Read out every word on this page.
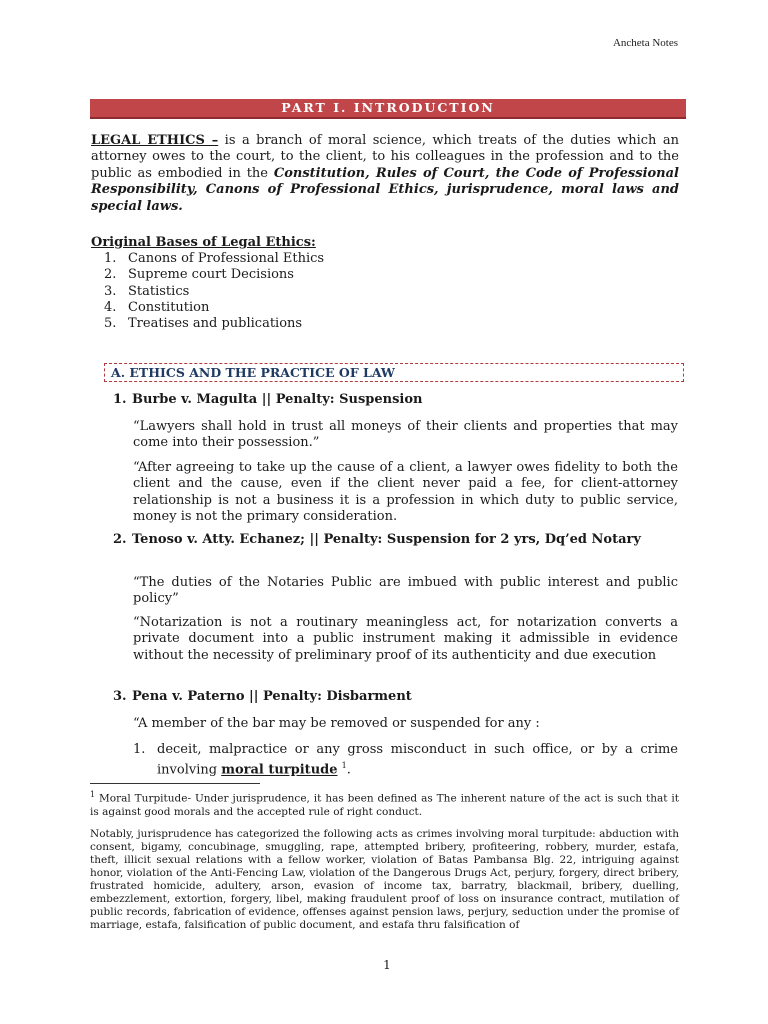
Ancheta Notes
PART I. INTRODUCTION

LEGAL ETHICS – is a branch of moral science, which treats of the duties which an attorney owes to the court, to the client, to his colleagues in the profession and to the public as embodied in the Constitution, Rules of Court, the Code of Professional Responsibility, Canons of Professional Ethics, jurisprudence, moral laws and special laws.

Original Bases of Legal Ethics:
1. Canons of Professional Ethics
2. Supreme court Decisions
3. Statistics
4. Constitution
5. Treatises and publications
A. ETHICS AND THE PRACTICE OF LAW
1. Burbe v. Magulta || Penalty: Suspension

“Lawyers shall hold in trust all moneys of their clients and properties that may come into their possession.”

“After agreeing to take up the cause of a client, a lawyer owes fidelity to both the client and the cause, even if the client never paid a fee, for client-attorney relationship is not a business it is a profession in which duty to public service, money is not the primary consideration.

2. Tenoso v. Atty. Echanez; || Penalty: Suspension for 2 yrs, Dq’ed Notary

“The duties of the Notaries Public are imbued with public interest and public policy”

“Notarization is not a routinary meaningless act, for notarization converts a private document into a public instrument making it admissible in evidence without the necessity of preliminary proof of its authenticity and due execution

3. Pena v. Paterno || Penalty: Disbarment

“A member of the bar may be removed or suspended for any :

1. deceit, malpractice or any gross misconduct in such office, or by a crime involving moral turpitude $^1$.

$^1$ Moral Turpitude- Under jurisprudence, it has been defined as The inherent nature of the act is such that it is against good morals and the accepted rule of right conduct.

Notably, jurisprudence has categorized the following acts as crimes involving moral turpitude: abduction with consent, bigamy, concubinage, smuggling, rape, attempted bribery, profiteering, robbery, murder, estafa, theft, illicit sexual relations with a fellow worker, violation of Batas Pambansa Blg. 22, intriguing against honor, violation of the Anti-Fencing Law, violation of the Dangerous Drugs Act, perjury, forgery, direct bribery, frustrated homicide, adultery, arson, evasion of income tax, barratry, blackmail, bribery, duelling, embezzlement, extortion, forgery, libel, making fraudulent proof of loss on insurance contract, mutilation of public records, fabrication of evidence, offenses against pension laws, perjury, seduction under the promise of marriage, estafa, falsification of public document, and estafa thru falsification of

1
